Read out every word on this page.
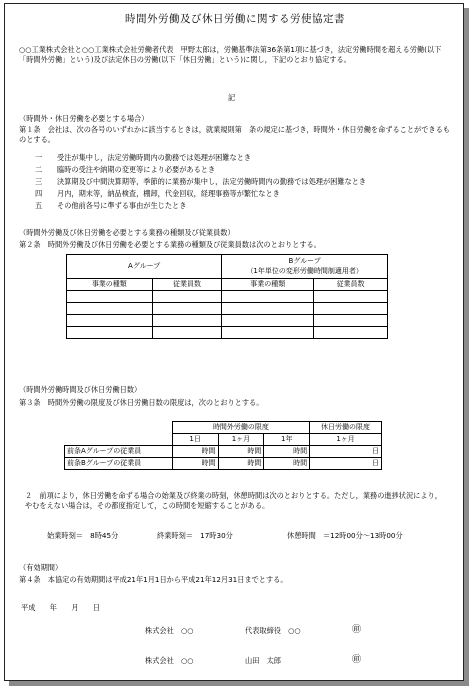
時間外労働及び休日労働に関する労使協定書
○○工業株式会社と○○工業株式会社労働者代表　甲野太郎は，労働基準法第36条第1項に基づき，法定労働時間を超える労働(以下「時間外労働」という)及び法定休日の労働(以下「休日労働」という)に関し，下記のとおり協定する。
記
（時間外・休日労働を必要とする場合）
第１条　会社は、次の各号のいずれかに該当するときは，就業規則第　条の規定に基づき，時間外・休日労働を命ずることができるものとする。
一 受注が集中し，法定労働時間内の勤務では処理が困難なとき
二 臨時の受注や納期の変更等により必要があるとき
三 決算期及び中間決算期等，季節的に業務が集中し，法定労働時間内の勤務では処理が困難なとき
四 月内，期末等，納品検査，棚卸，代金回収，経理事務等が繁忙なとき
五 その他前各号に準ずる事由が生じたとき
（時間外労働及び休日労働を必要とする業務の種類及び従業員数）
第２条　時間外労働及び休日労働を必要とする業務の種類及び従業員数は次のとおりとする。
Aグループ		Bグループ
（1年単位の変形労働時間制適用者）	

事業の種類	従業員数	事業の種類	従業員数

（時間外労働時間及び休日労働日数）
第３条　時間外労働の限度及び休日労働日数の限度は，次のとおりとする。
	時間外労働の限度			休日労働の限度
	1日	1ヶ月	1年	1ヶ月
前条Aグループの従業員	時間	時間	時間	日
前条Bグループの従業員	時間	時間	時間	日
２　前項により，休日労働を命ずる場合の始業及び終業の時刻，休憩時間は次のとおりとする。ただし，業務の進捗状況により，やむをえない場合は，その都度指定して，この時間を短縮することがある。
始業時刻＝　 8時45分	終業時刻＝　 17時30分	休憩時間　＝12時00分～13時00分
（有効期間）
第４条　本協定の有効期間は平成21年1月1日から平成21年12月31日までとする。
平成　　年　　月　　日
株式会社　○○	代表取締役　○○	㊞
株式会社　○○	山田　太郎	㊞
